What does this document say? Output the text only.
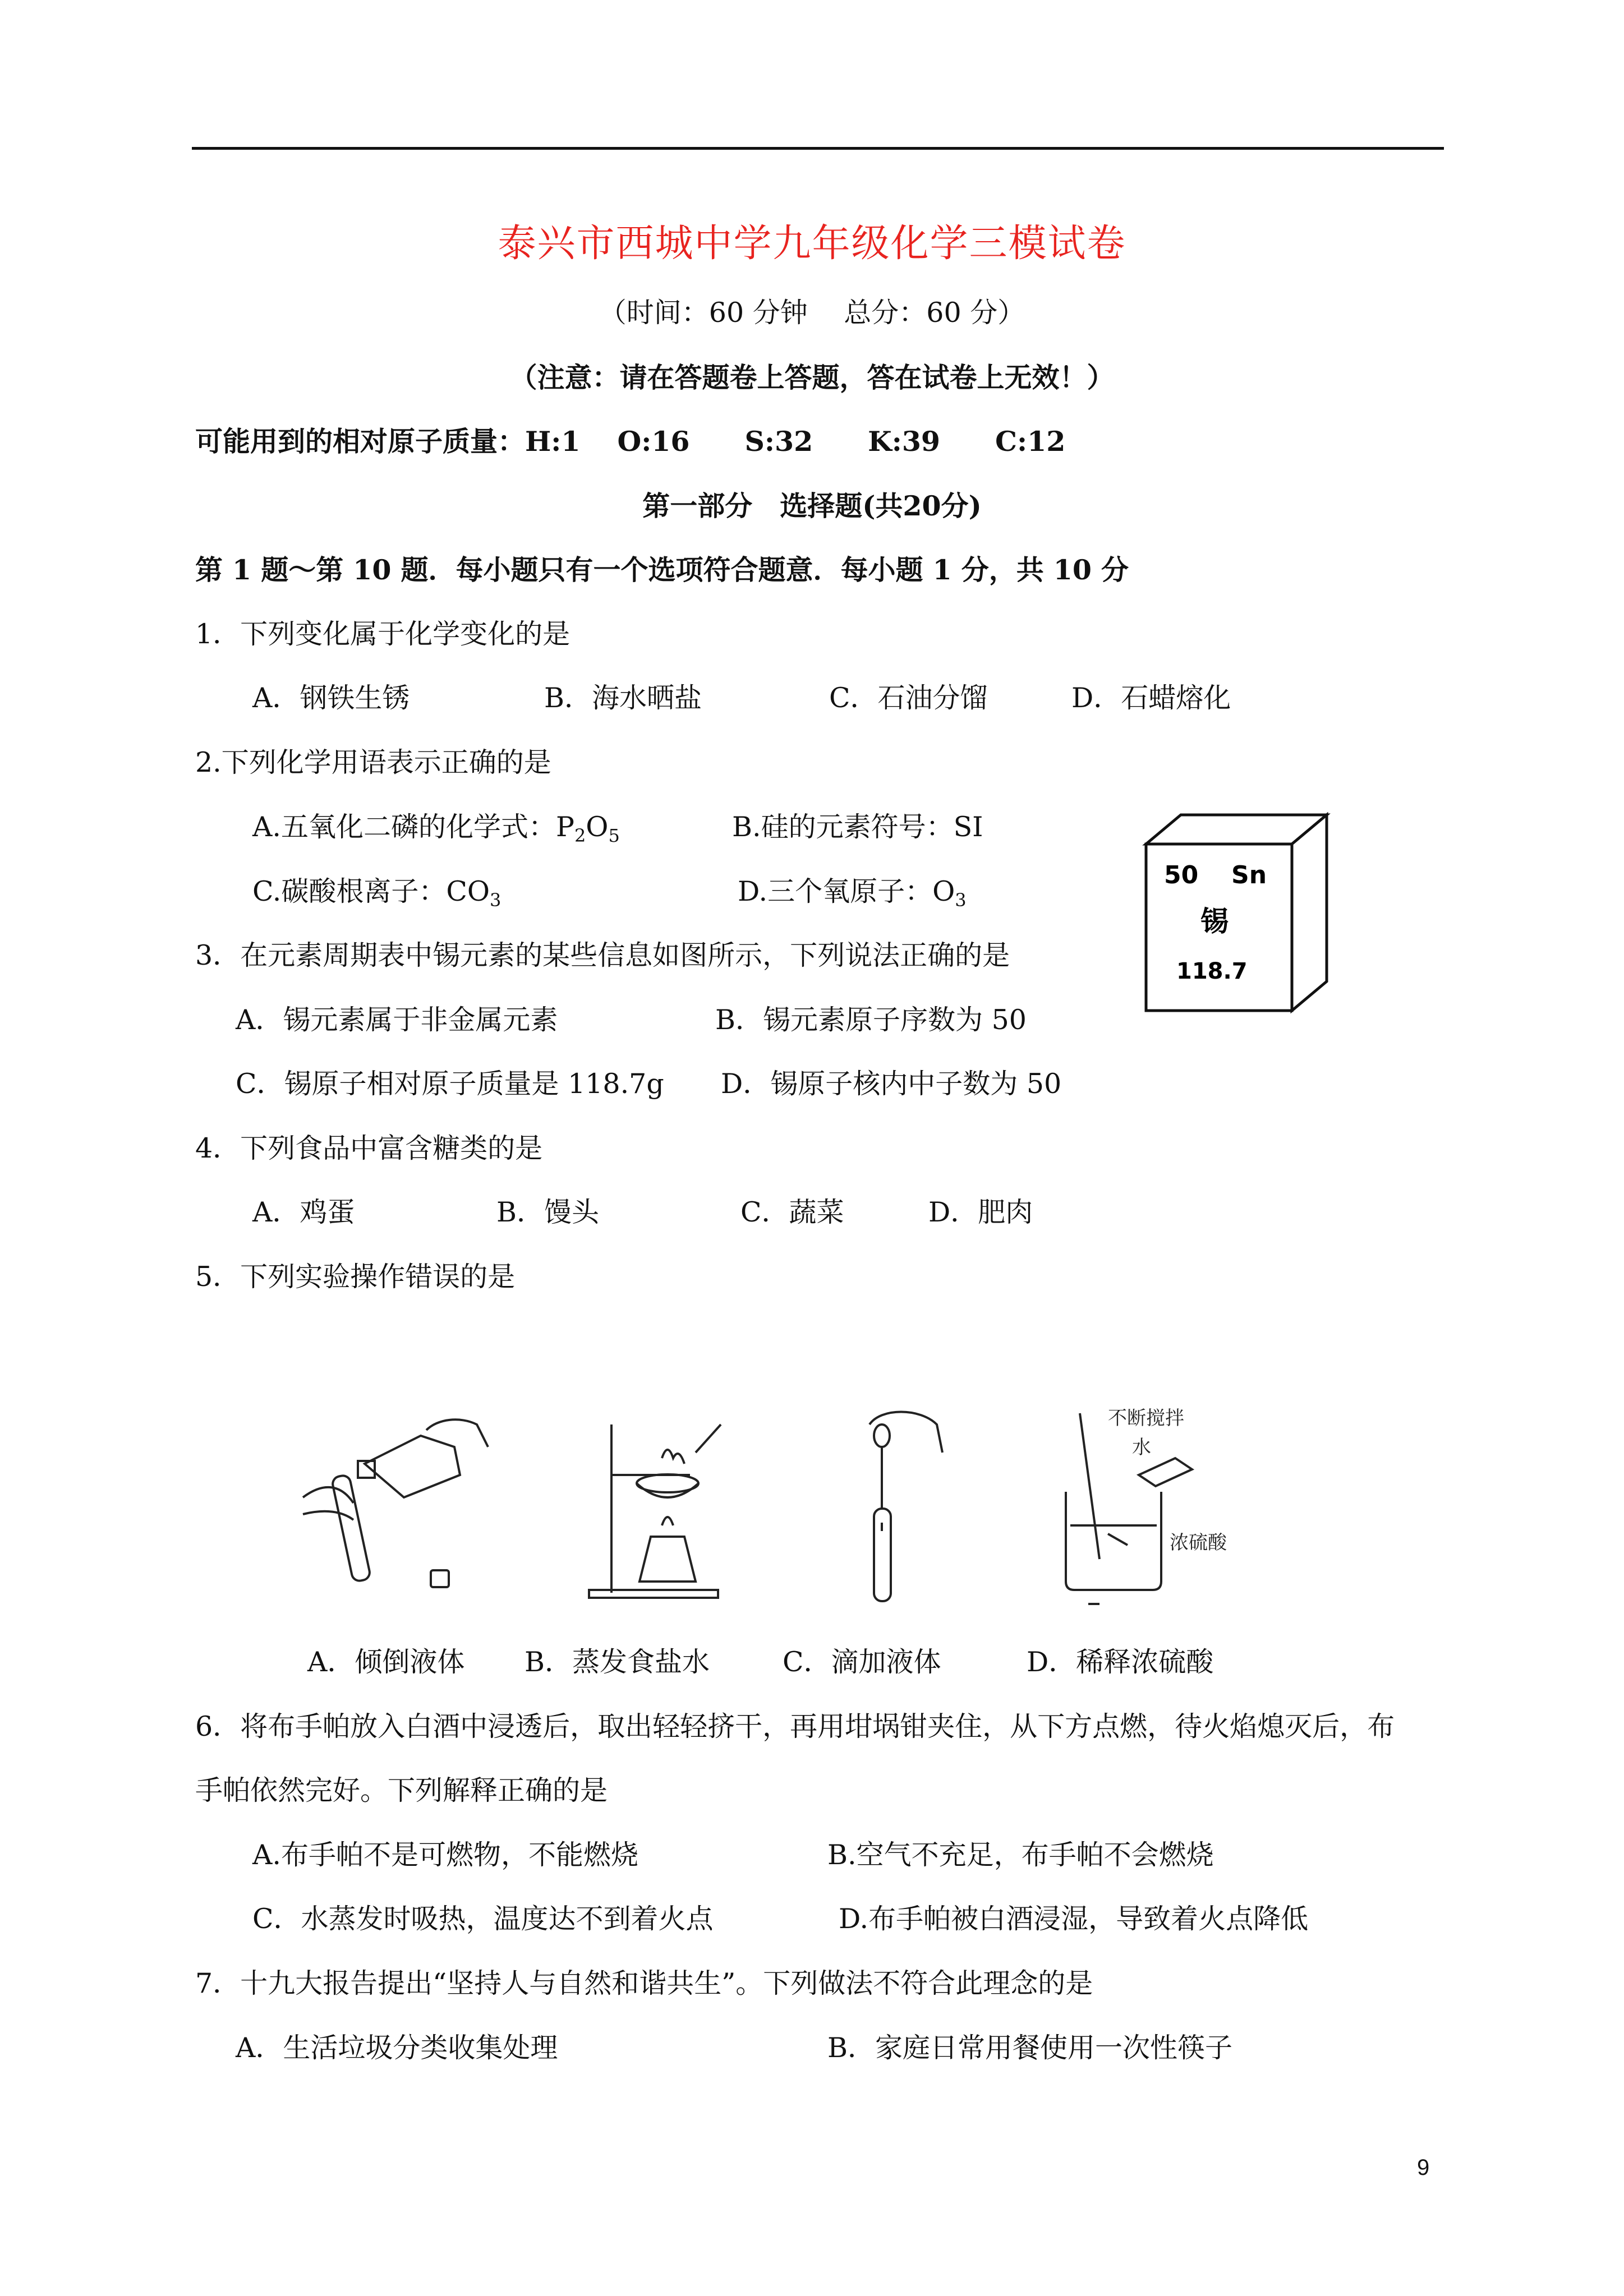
泰兴市西城中学九年级化学三模试卷
（时间：60 分钟　 总分：60 分）
（注意：请在答题卷上答题，答在试卷上无效！）
可能用到的相对原子质量：H:1　 O:16　　S:32　　K:39　　C:12
第一部分　选择题(共20分)
第 1 题～第 10 题．每小题只有一个选项符合题意．每小题 1 分，共 10 分
1．下列变化属于化学变化的是
A．钢铁生锈	B．海水晒盐	C．石油分馏	D．石蜡熔化
2.下列化学用语表示正确的是
A.五氧化二磷的化学式：$P_2O_5$	B.硅的元素符号：SI
C.碳酸根离子：$CO_3$	D.三个氧原子：$O_3$
50 Sn
锡
118.7
3．在元素周期表中锡元素的某些信息如图所示，下列说法正确的是
A．锡元素属于非金属元素	B．锡元素原子序数为 50
C．锡原子相对原子质量是 118.7g D．锡原子核内中子数为 50
4．下列食品中富含糖类的是
A．鸡蛋	B．馒头	C．蔬菜	D．肥肉
5．下列实验操作错误的是
不断搅拌
水
浓硫酸
A．倾倒液体 B．蒸发食盐水	C．滴加液体	D．稀释浓硫酸
6．将布手帕放入白酒中浸透后，取出轻轻挤干，再用坩埚钳夹住，从下方点燃，待火焰熄灭后，布
手帕依然完好。下列解释正确的是
A.布手帕不是可燃物，不能燃烧	B.空气不充足，布手帕不会燃烧
C．水蒸发时吸热，温度达不到着火点	D.布手帕被白酒浸湿，导致着火点降低
7．十九大报告提出“坚持人与自然和谐共生”。下列做法不符合此理念的是
A．生活垃圾分类收集处理	B．家庭日常用餐使用一次性筷子
9
